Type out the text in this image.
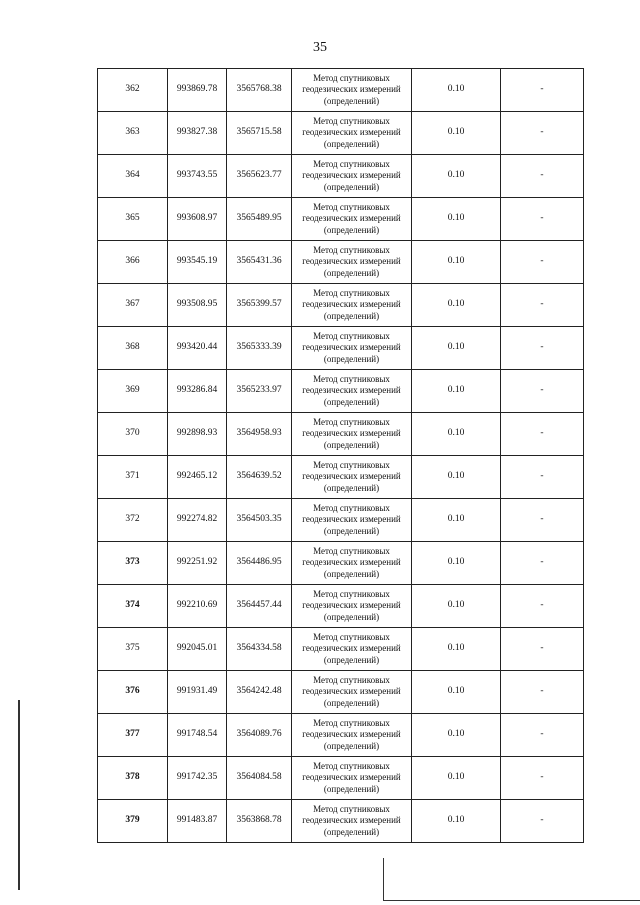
35
362	993869.78	3565768.38	Метод спутниковых
геодезических измерений
(определений)	0.10	-
363	993827.38	3565715.58	Метод спутниковых
геодезических измерений
(определений)	0.10	-
364	993743.55	3565623.77	Метод спутниковых
геодезических измерений
(определений)	0.10	-
365	993608.97	3565489.95	Метод спутниковых
геодезических измерений
(определений)	0.10	-
366	993545.19	3565431.36	Метод спутниковых
геодезических измерений
(определений)	0.10	-
367	993508.95	3565399.57	Метод спутниковых
геодезических измерений
(определений)	0.10	-
368	993420.44	3565333.39	Метод спутниковых
геодезических измерений
(определений)	0.10	-
369	993286.84	3565233.97	Метод спутниковых
геодезических измерений
(определений)	0.10	-
370	992898.93	3564958.93	Метод спутниковых
геодезических измерений
(определений)	0.10	-
371	992465.12	3564639.52	Метод спутниковых
геодезических измерений
(определений)	0.10	-
372	992274.82	3564503.35	Метод спутниковых
геодезических измерений
(определений)	0.10	-
373	992251.92	3564486.95	Метод спутниковых
геодезических измерений
(определений)	0.10	-
374	992210.69	3564457.44	Метод спутниковых
геодезических измерений
(определений)	0.10	-
375	992045.01	3564334.58	Метод спутниковых
геодезических измерений
(определений)	0.10	-
376	991931.49	3564242.48	Метод спутниковых
геодезических измерений
(определений)	0.10	-
377	991748.54	3564089.76	Метод спутниковых
геодезических измерений
(определений)	0.10	-
378	991742.35	3564084.58	Метод спутниковых
геодезических измерений
(определений)	0.10	-
379	991483.87	3563868.78	Метод спутниковых
геодезических измерений
(определений)	0.10	-
